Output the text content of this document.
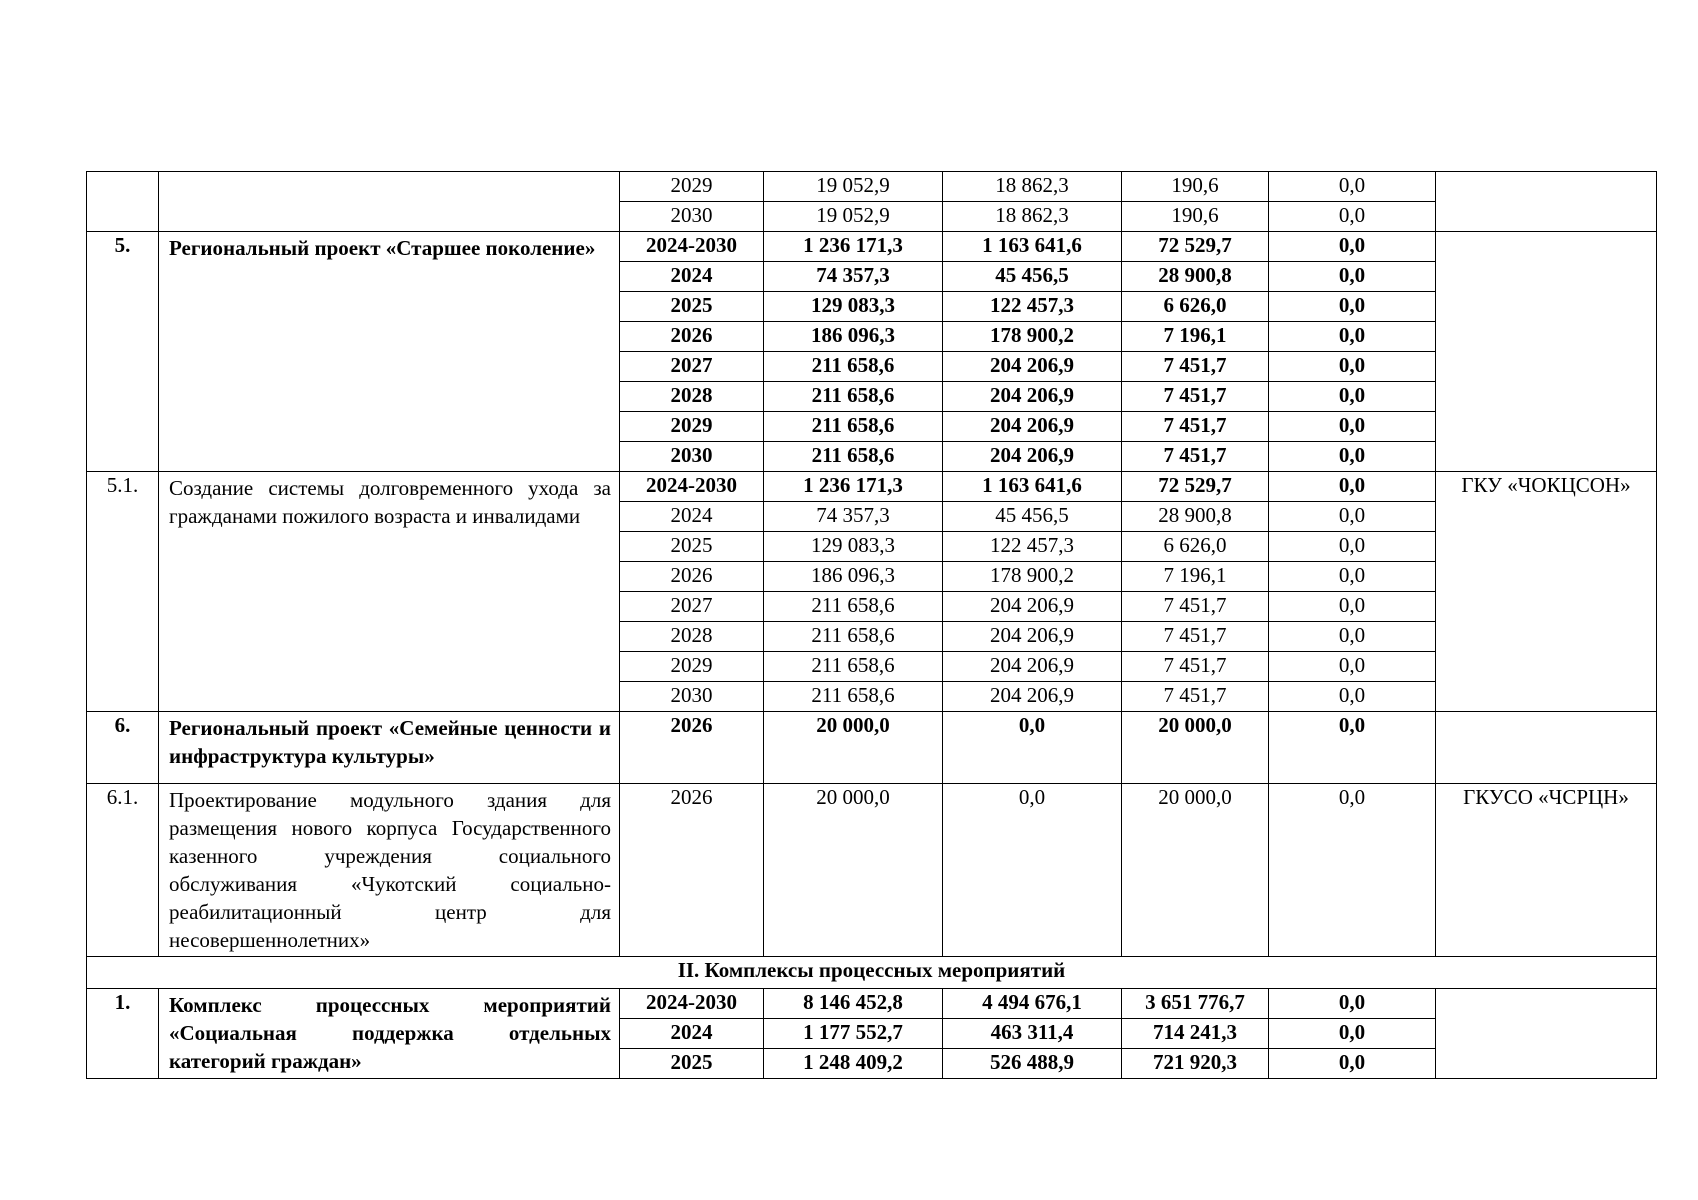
		2029	19 052,9	18 862,3	190,6	0,0	
		2030	19 052,9	18 862,3	190,6	0,0	
5.	Региональный проект «Старшее поколение»	2024-2030	1 236 171,3	1 163 641,6	72 529,7	0,0	
		2024	74 357,3	45 456,5	28 900,8	0,0	
		2025	129 083,3	122 457,3	6 626,0	0,0	
		2026	186 096,3	178 900,2	7 196,1	0,0	
		2027	211 658,6	204 206,9	7 451,7	0,0	
		2028	211 658,6	204 206,9	7 451,7	0,0	
		2029	211 658,6	204 206,9	7 451,7	0,0	
		2030	211 658,6	204 206,9	7 451,7	0,0	
5.1.	Создание системы долговременного ухода за гражданами пожилого возраста и инвалидами	2024-2030	1 236 171,3	1 163 641,6	72 529,7	0,0	ГКУ «ЧОКЦСОН»
		2024	74 357,3	45 456,5	28 900,8	0,0	
		2025	129 083,3	122 457,3	6 626,0	0,0	
		2026	186 096,3	178 900,2	7 196,1	0,0	
		2027	211 658,6	204 206,9	7 451,7	0,0	
		2028	211 658,6	204 206,9	7 451,7	0,0	
		2029	211 658,6	204 206,9	7 451,7	0,0	
		2030	211 658,6	204 206,9	7 451,7	0,0	
6.	Региональный проект «Семейные ценности и инфраструктура культуры»	2026	20 000,0	0,0	20 000,0	0,0	
6.1.	Проектирование модульного здания для размещения нового корпуса Государственного казенного учреждения социального обслуживания «Чукотский социально-реабилитационный центр для несовершеннолетних»	2026	20 000,0	0,0	20 000,0	0,0	ГКУСО «ЧСРЦН»
II. Комплексы процессных мероприятий							
1.	Комплекс процессных мероприятий «Социальная поддержка отдельных категорий граждан»	2024-2030	8 146 452,8	4 494 676,1	3 651 776,7	0,0	
		2024	1 177 552,7	463 311,4	714 241,3	0,0	
		2025	1 248 409,2	526 488,9	721 920,3	0,0	
